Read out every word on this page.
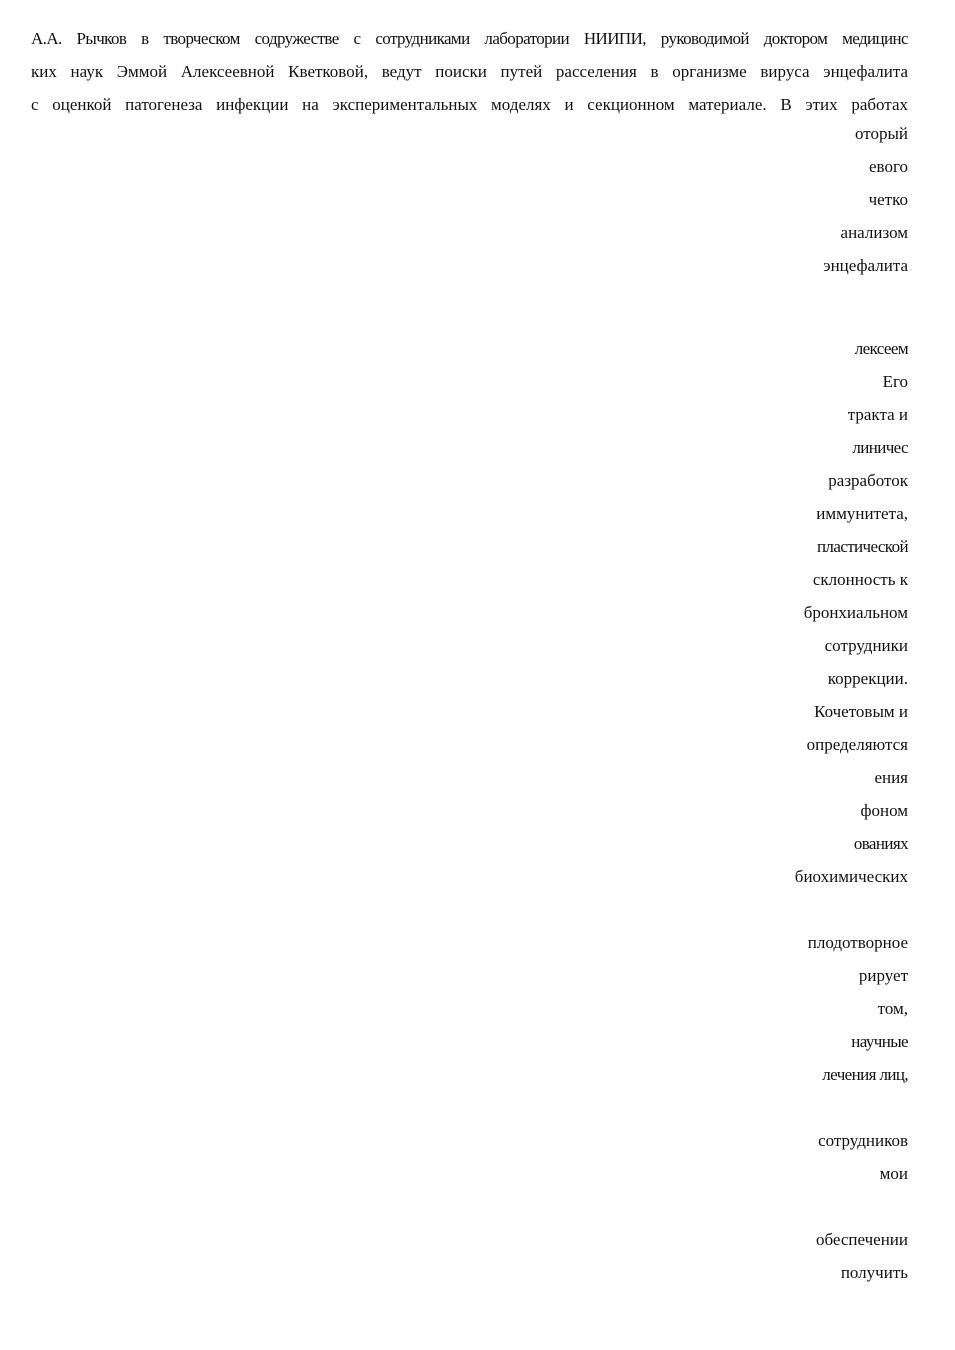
А.А. Рычков в творческом содружестве с сотрудниками лаборатории НИИПИ, руководимой доктором медицинс
ких наук Эммой Алексеевной Кветковой, ведут поиски путей расселения в организме вируса энцефалита
с оценкой патогенеза инфекции на экспериментальных моделях и секционном материале. В этих работах
оторый
евого
четко
анализом
энцефалита
лексеем
Его
тракта и
линичес
разработок
иммунитета,
пластической
склонность к
бронхиальном
сотрудники
коррекции.
Кочетовым и
определяются
ения
фоном
ованиях
биохимических
плодотворное
рирует
том,
научные
лечения лиц,
сотрудников
мои
обеспечении
получить
